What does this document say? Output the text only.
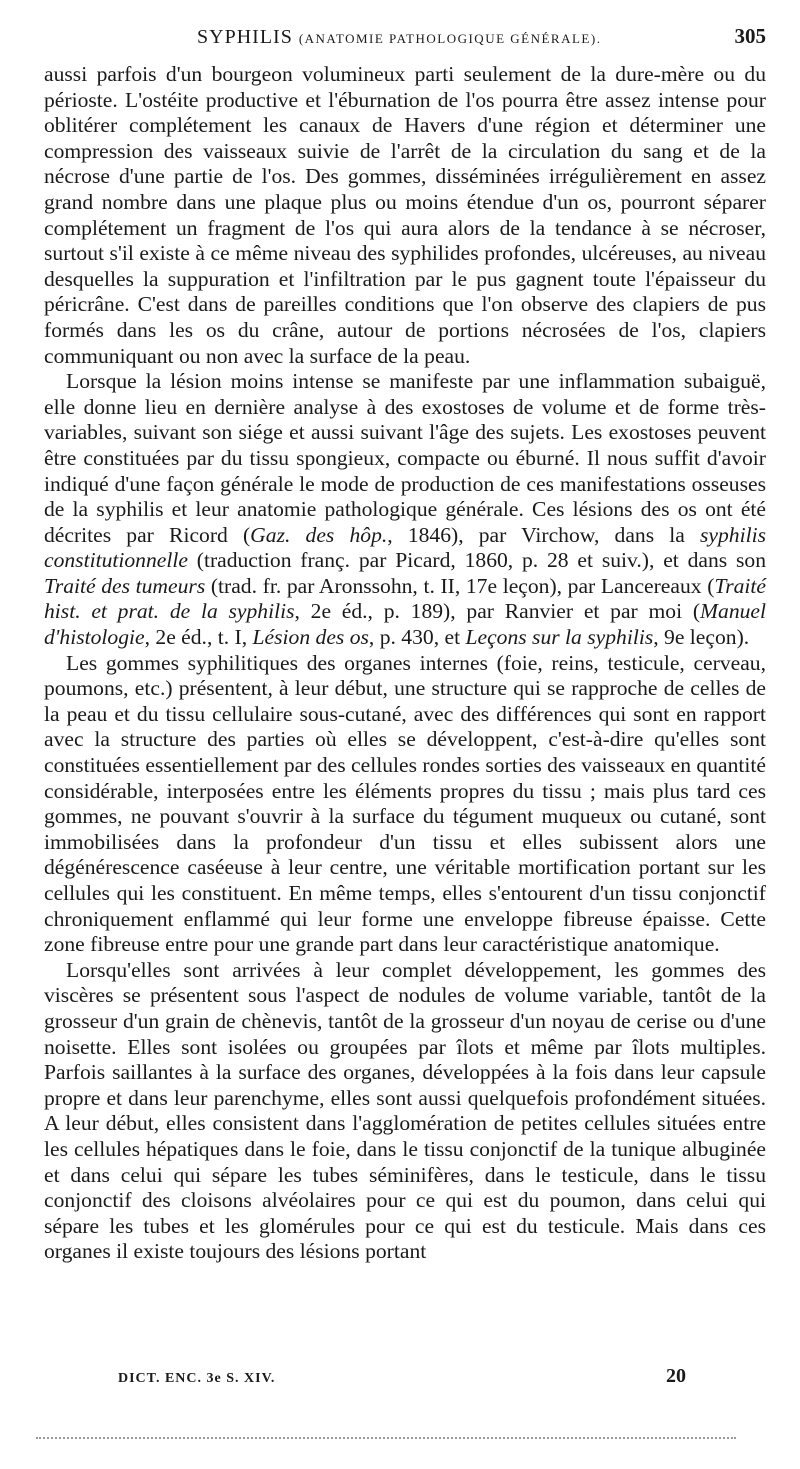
SYPHILIS (ANATOMIE PATHOLOGIQUE GÉNÉRALE).	305

aussi parfois d'un bourgeon volumineux parti seulement de la dure-mère ou du périoste. L'ostéite productive et l'éburnation de l'os pourra être assez intense pour oblitérer complétement les canaux de Havers d'une région et déterminer une compression des vaisseaux suivie de l'arrêt de la circulation du sang et de la nécrose d'une partie de l'os. Des gommes, disséminées irrégulièrement en assez grand nombre dans une plaque plus ou moins étendue d'un os, pourront séparer complétement un fragment de l'os qui aura alors de la tendance à se nécroser, surtout s'il existe à ce même niveau des syphilides profondes, ulcéreuses, au niveau desquelles la suppuration et l'infiltration par le pus gagnent toute l'épaisseur du péricrâne. C'est dans de pareilles conditions que l'on observe des clapiers de pus formés dans les os du crâne, autour de portions nécrosées de l'os, clapiers communiquant ou non avec la surface de la peau.

Lorsque la lésion moins intense se manifeste par une inflammation subaiguë, elle donne lieu en dernière analyse à des exostoses de volume et de forme très-variables, suivant son siége et aussi suivant l'âge des sujets. Les exostoses peuvent être constituées par du tissu spongieux, compacte ou éburné. Il nous suffit d'avoir indiqué d'une façon générale le mode de production de ces manifestations osseuses de la syphilis et leur anatomie pathologique générale. Ces lésions des os ont été décrites par Ricord (Gaz. des hôp., 1846), par Virchow, dans la syphilis constitutionnelle (traduction franç. par Picard, 1860, p. 28 et suiv.), et dans son Traité des tumeurs (trad. fr. par Aronssohn, t. II, 17e leçon), par Lancereaux (Traité hist. et prat. de la syphilis, 2e éd., p. 189), par Ranvier et par moi (Manuel d'histologie, 2e éd., t. I, Lésion des os, p. 430, et Leçons sur la syphilis, 9e leçon).

Les gommes syphilitiques des organes internes (foie, reins, testicule, cerveau, poumons, etc.) présentent, à leur début, une structure qui se rapproche de celles de la peau et du tissu cellulaire sous-cutané, avec des différences qui sont en rapport avec la structure des parties où elles se développent, c'est-à-dire qu'elles sont constituées essentiellement par des cellules rondes sorties des vaisseaux en quantité considérable, interposées entre les éléments propres du tissu ; mais plus tard ces gommes, ne pouvant s'ouvrir à la surface du tégument muqueux ou cutané, sont immobilisées dans la profondeur d'un tissu et elles subissent alors une dégénérescence caséeuse à leur centre, une véritable mortification portant sur les cellules qui les constituent. En même temps, elles s'entourent d'un tissu conjonctif chroniquement enflammé qui leur forme une enveloppe fibreuse épaisse. Cette zone fibreuse entre pour une grande part dans leur caractéristique anatomique.

Lorsqu'elles sont arrivées à leur complet développement, les gommes des viscères se présentent sous l'aspect de nodules de volume variable, tantôt de la grosseur d'un grain de chènevis, tantôt de la grosseur d'un noyau de cerise ou d'une noisette. Elles sont isolées ou groupées par îlots et même par îlots multiples. Parfois saillantes à la surface des organes, développées à la fois dans leur capsule propre et dans leur parenchyme, elles sont aussi quelquefois profondément situées. A leur début, elles consistent dans l'agglomération de petites cellules situées entre les cellules hépatiques dans le foie, dans le tissu conjonctif de la tunique albuginée et dans celui qui sépare les tubes séminifères, dans le testicule, dans le tissu conjonctif des cloisons alvéolaires pour ce qui est du poumon, dans celui qui sépare les tubes et les glomérules pour ce qui est du testicule. Mais dans ces organes il existe toujours des lésions portant

DICT. ENC. 3e S. XIV.	20
